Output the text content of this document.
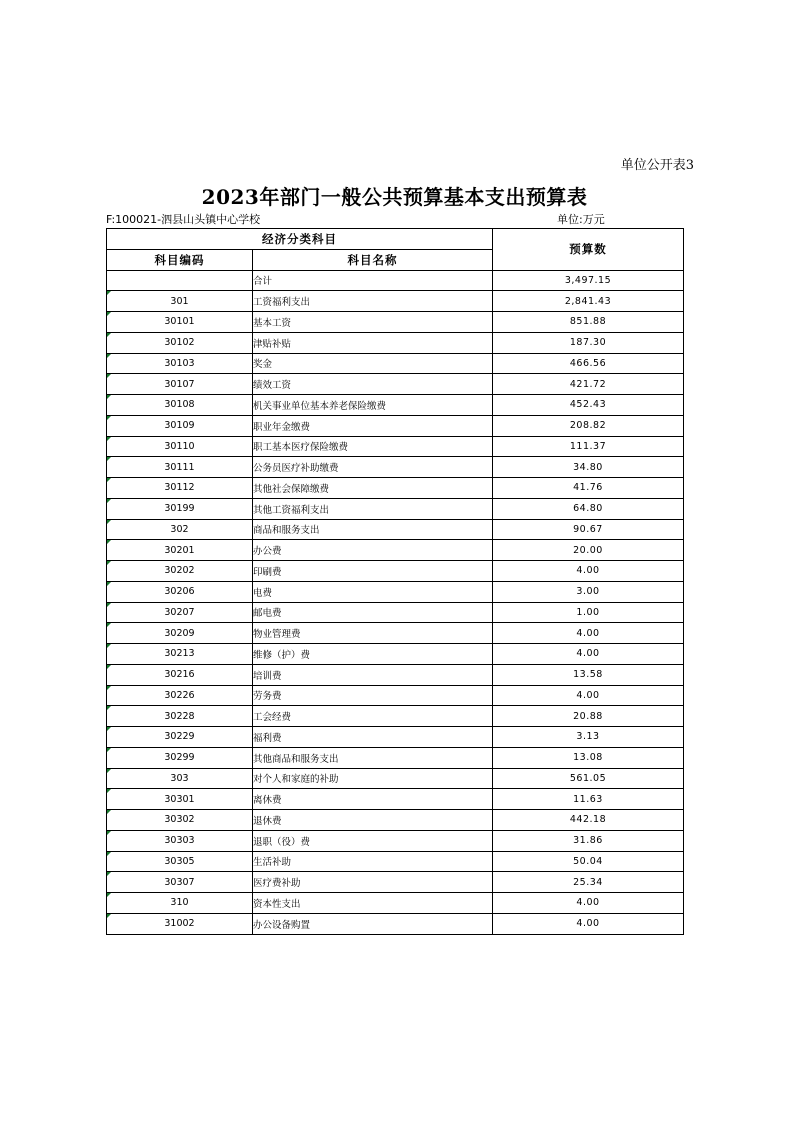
单位公开表3
2023年部门一般公共预算基本支出预算表
F:100021-泗县山头镇中心学校	单位:万元
经济分类科目		预算数
科目编码	科目名称	
	合计	3,497.15
301	工资福利支出	2,841.43
30101	基本工资	851.88
30102	津贴补贴	187.30
30103	奖金	466.56
30107	绩效工资	421.72
30108	机关事业单位基本养老保险缴费	452.43
30109	职业年金缴费	208.82
30110	职工基本医疗保险缴费	111.37
30111	公务员医疗补助缴费	34.80
30112	其他社会保障缴费	41.76
30199	其他工资福利支出	64.80
302	商品和服务支出	90.67
30201	办公费	20.00
30202	印刷费	4.00
30206	电费	3.00
30207	邮电费	1.00
30209	物业管理费	4.00
30213	维修（护）费	4.00
30216	培训费	13.58
30226	劳务费	4.00
30228	工会经费	20.88
30229	福利费	3.13
30299	其他商品和服务支出	13.08
303	对个人和家庭的补助	561.05
30301	离休费	11.63
30302	退休费	442.18
30303	退职（役）费	31.86
30305	生活补助	50.04
30307	医疗费补助	25.34
310	资本性支出	4.00
31002	办公设备购置	4.00
